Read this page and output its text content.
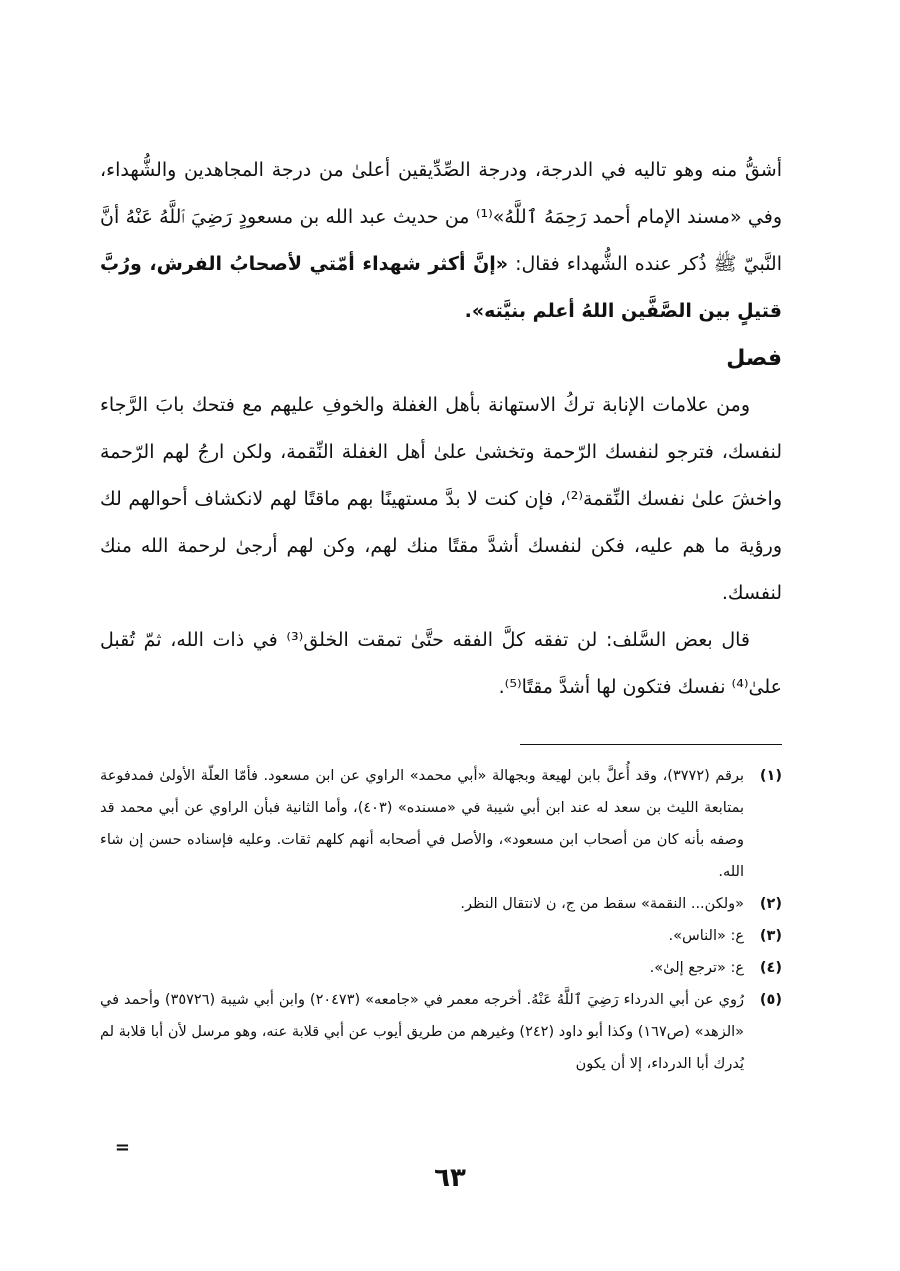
أشقُّ منه وهو تاليه في الدرجة، ودرجة الصِّدِّيقين أعلىٰ من درجة المجاهدين والشُّهداء، وفي «مسند الإمام أحمد رَحِمَهُ ٱللَّهُ»⁽¹⁾ من حديث عبد الله بن مسعودٍ رَضِيَ ٱللَّهُ عَنْهُ أنَّ النَّبيّ ﷺ ذُكر عنده الشُّهداء فقال: «إنَّ أكثر شهداء أمّتي لأصحابُ الفرش، ورُبَّ قتيلٍ بين الصَّفَّين اللهُ أعلم بنيَّته».

فصل

ومن علامات الإنابة تركُ الاستهانة بأهل الغفلة والخوفِ عليهم مع فتحك بابَ الرَّجاء لنفسك، فترجو لنفسك الرّحمة وتخشىٰ علىٰ أهل الغفلة النِّقمة، ولكن ارجُ لهم الرّحمة واخشَ علىٰ نفسك النِّقمة⁽²⁾، فإن كنت لا بدَّ مستهينًا بهم ماقتًا لهم لانكشاف أحوالهم لك ورؤية ما هم عليه، فكن لنفسك أشدَّ مقتًا منك لهم، وكن لهم أرجىٰ لرحمة الله منك لنفسك.

قال بعض السَّلف: لن تفقه كلَّ الفقه حتَّىٰ تمقت الخلق⁽³⁾ في ذات الله، ثمّ تُقبل علىٰ⁽⁴⁾ نفسك فتكون لها أشدَّ مقتًا⁽⁵⁾.

(١)
برقم (٣٧٧٢)، وقد أُعلَّ بابن لهيعة وبجهالة «أبي محمد» الراوي عن ابن مسعود. فأمّا العلّة الأولىٰ فمدفوعة بمتابعة الليث بن سعد له عند ابن أبي شيبة في «مسنده» (٤٠٣)، وأما الثانية فبأن الراوي عن أبي محمد قد وصفه بأنه كان من أصحاب ابن مسعود»، والأصل في أصحابه أنهم كلهم ثقات. وعليه فإسناده حسن إن شاء الله.
(٢)
«ولكن... النقمة» سقط من ج، ن لانتقال النظر.
(٣)
ع: «الناس».
(٤)
ع: «ترجع إلىٰ».
(٥)
رُوي عن أبي الدرداء رَضِيَ ٱللَّهُ عَنْهُ. أخرجه معمر في «جامعه» (٢٠٤٧٣) وابن أبي شيبة (٣٥٧٢٦) وأحمد في «الزهد» (ص١٦٧) وكذا أبو داود (٢٤٢) وغيرهم من طريق أيوب عن أبي قلابة عنه، وهو مرسل لأن أبا قلابة لم يُدرك أبا الدرداء، إلا أن يكون
=
٦٣
